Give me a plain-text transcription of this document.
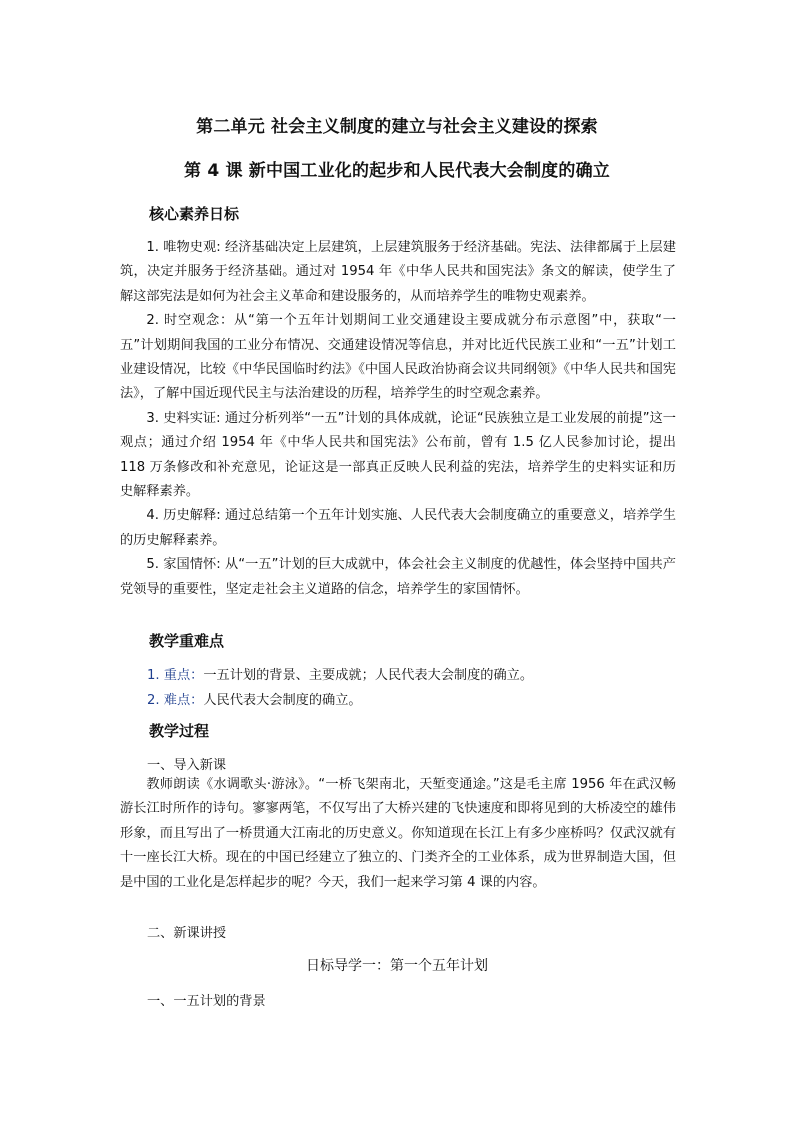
第二单元 社会主义制度的建立与社会主义建设的探索
第 4 课 新中国工业化的起步和人民代表大会制度的确立
核心素养日标

1. 唯物史观: 经济基础决定上层建筑，上层建筑服务于经济基础。宪法、法律都属于上层建筑，决定并服务于经济基础。通过对 1954 年《中华人民共和国宪法》条文的解读，使学生了解这部宪法是如何为社会主义革命和建设服务的，从而培养学生的唯物史观素养。

2. 时空观念：从“第一个五年计划期间工业交通建设主要成就分布示意图”中，获取“一五”计划期间我国的工业分布情况、交通建设情况等信息，并对比近代民族工业和“一五”计划工业建设情况，比较《中华民国临时约法》《中国人民政治协商会议共同纲领》《中华人民共和国宪法》，了解中国近现代民主与法治建设的历程，培养学生的时空观念素养。

3. 史料实证: 通过分析列举“一五”计划的具体成就，论证“民族独立是工业发展的前提”这一观点；通过介绍 1954 年《中华人民共和国宪法》公布前，曾有 1.5 亿人民参加讨论，提出 118 万条修改和补充意见，论证这是一部真正反映人民利益的宪法，培养学生的史料实证和历史解释素养。

4. 历史解释: 通过总结第一个五年计划实施、人民代表大会制度确立的重要意义，培养学生的历史解释素养。

5. 家国情怀: 从“一五”计划的巨大成就中，体会社会主义制度的优越性，体会坚持中国共产党领导的重要性，坚定走社会主义道路的信念，培养学生的家国情怀。

教学重难点
1. 重点：一五计划的背景、主要成就；人民代表大会制度的确立。
2. 难点：人民代表大会制度的确立。
教学过程
一、导入新课

教师朗读《水调歌头·游泳》。“一桥飞架南北，天堑变通途。”这是毛主席 1956 年在武汉畅游长江时所作的诗句。寥寥两笔，不仅写出了大桥兴建的飞快速度和即将见到的大桥凌空的雄伟形象，而且写出了一桥贯通大江南北的历史意义。你知道现在长江上有多少座桥吗？仅武汉就有十一座长江大桥。现在的中国已经建立了独立的、门类齐全的工业体系，成为世界制造大国，但是中国的工业化是怎样起步的呢？今天，我们一起来学习第 4 课的内容。

二、新课讲授
日标导学一：第一个五年计划
一、一五计划的背景
